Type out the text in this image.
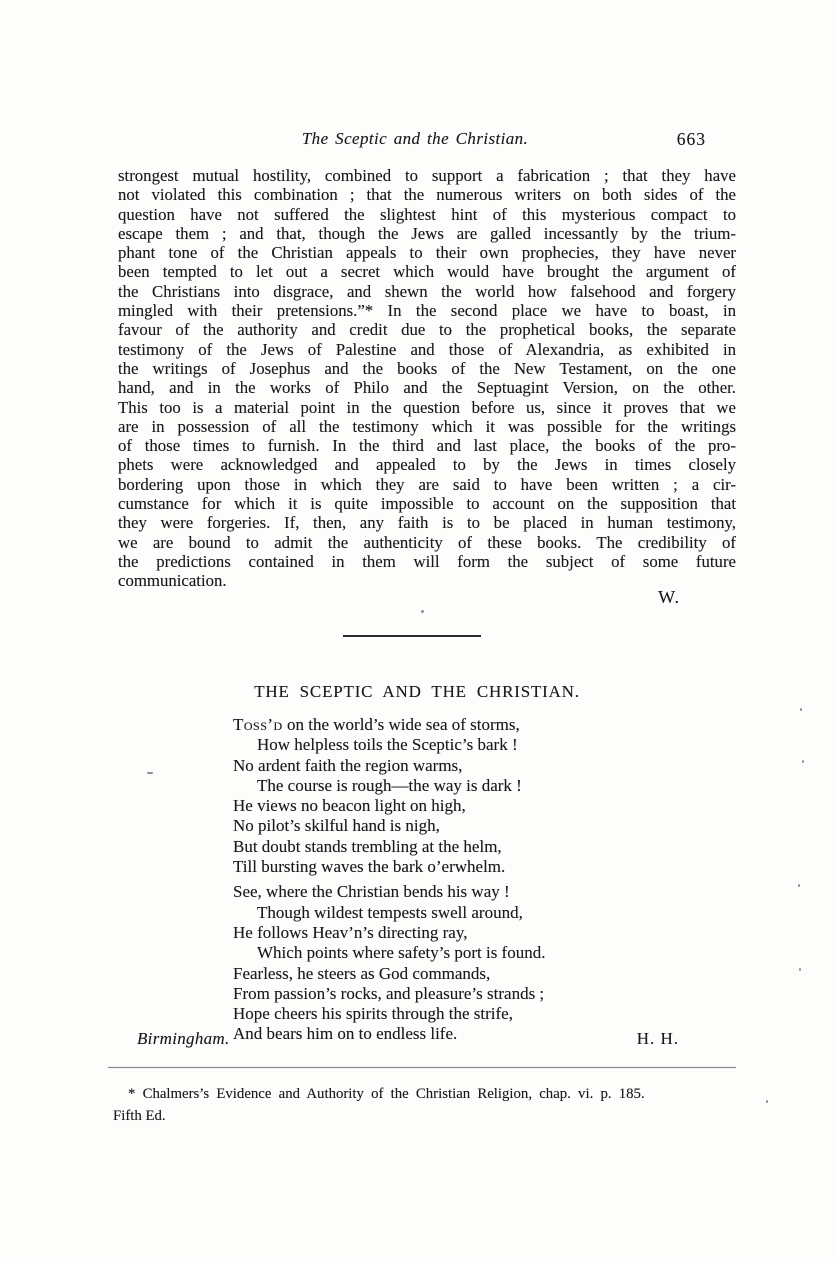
The Sceptic and the Christian.	663
strongest mutual hostility, combined to support a fabrication ; that they have
not violated this combination ; that the numerous writers on both sides of the
question have not suffered the slightest hint of this mysterious compact to
escape them ; and that, though the Jews are galled incessantly by the trium-
phant tone of the Christian appeals to their own prophecies, they have never
been tempted to let out a secret which would have brought the argument of
the Christians into disgrace, and shewn the world how falsehood and forgery
mingled with their pretensions.”* In the second place we have to boast, in
favour of the authority and credit due to the prophetical books, the separate
testimony of the Jews of Palestine and those of Alexandria, as exhibited in
the writings of Josephus and the books of the New Testament, on the one
hand, and in the works of Philo and the Septuagint Version, on the other.
This too is a material point in the question before us, since it proves that we
are in possession of all the testimony which it was possible for the writings
of those times to furnish. In the third and last place, the books of the pro-
phets were acknowledged and appealed to by the Jews in times closely
bordering upon those in which they are said to have been written ; a cir-
cumstance for which it is quite impossible to account on the supposition that
they were forgeries. If, then, any faith is to be placed in human testimony,
we are bound to admit the authenticity of these books. The credibility of
the predictions contained in them will form the subject of some future
communication.
W.
THE SCEPTIC AND THE CHRISTIAN.
Toss’d on the world’s wide sea of storms,
How helpless toils the Sceptic’s bark !
No ardent faith the region warms,
The course is rough—the way is dark !
He views no beacon light on high,
No pilot’s skilful hand is nigh,
But doubt stands trembling at the helm,
Till bursting waves the bark o’erwhelm.
See, where the Christian bends his way !
Though wildest tempests swell around,
He follows Heav’n’s directing ray,
Which points where safety’s port is found.
Fearless, he steers as God commands,
From passion’s rocks, and pleasure’s strands ;
Hope cheers his spirits through the strife,
And bears him on to endless life.
Birmingham.	H. H.
* Chalmers’s Evidence and Authority of the Christian Religion, chap. vi. p. 185.
Fifth Ed.
